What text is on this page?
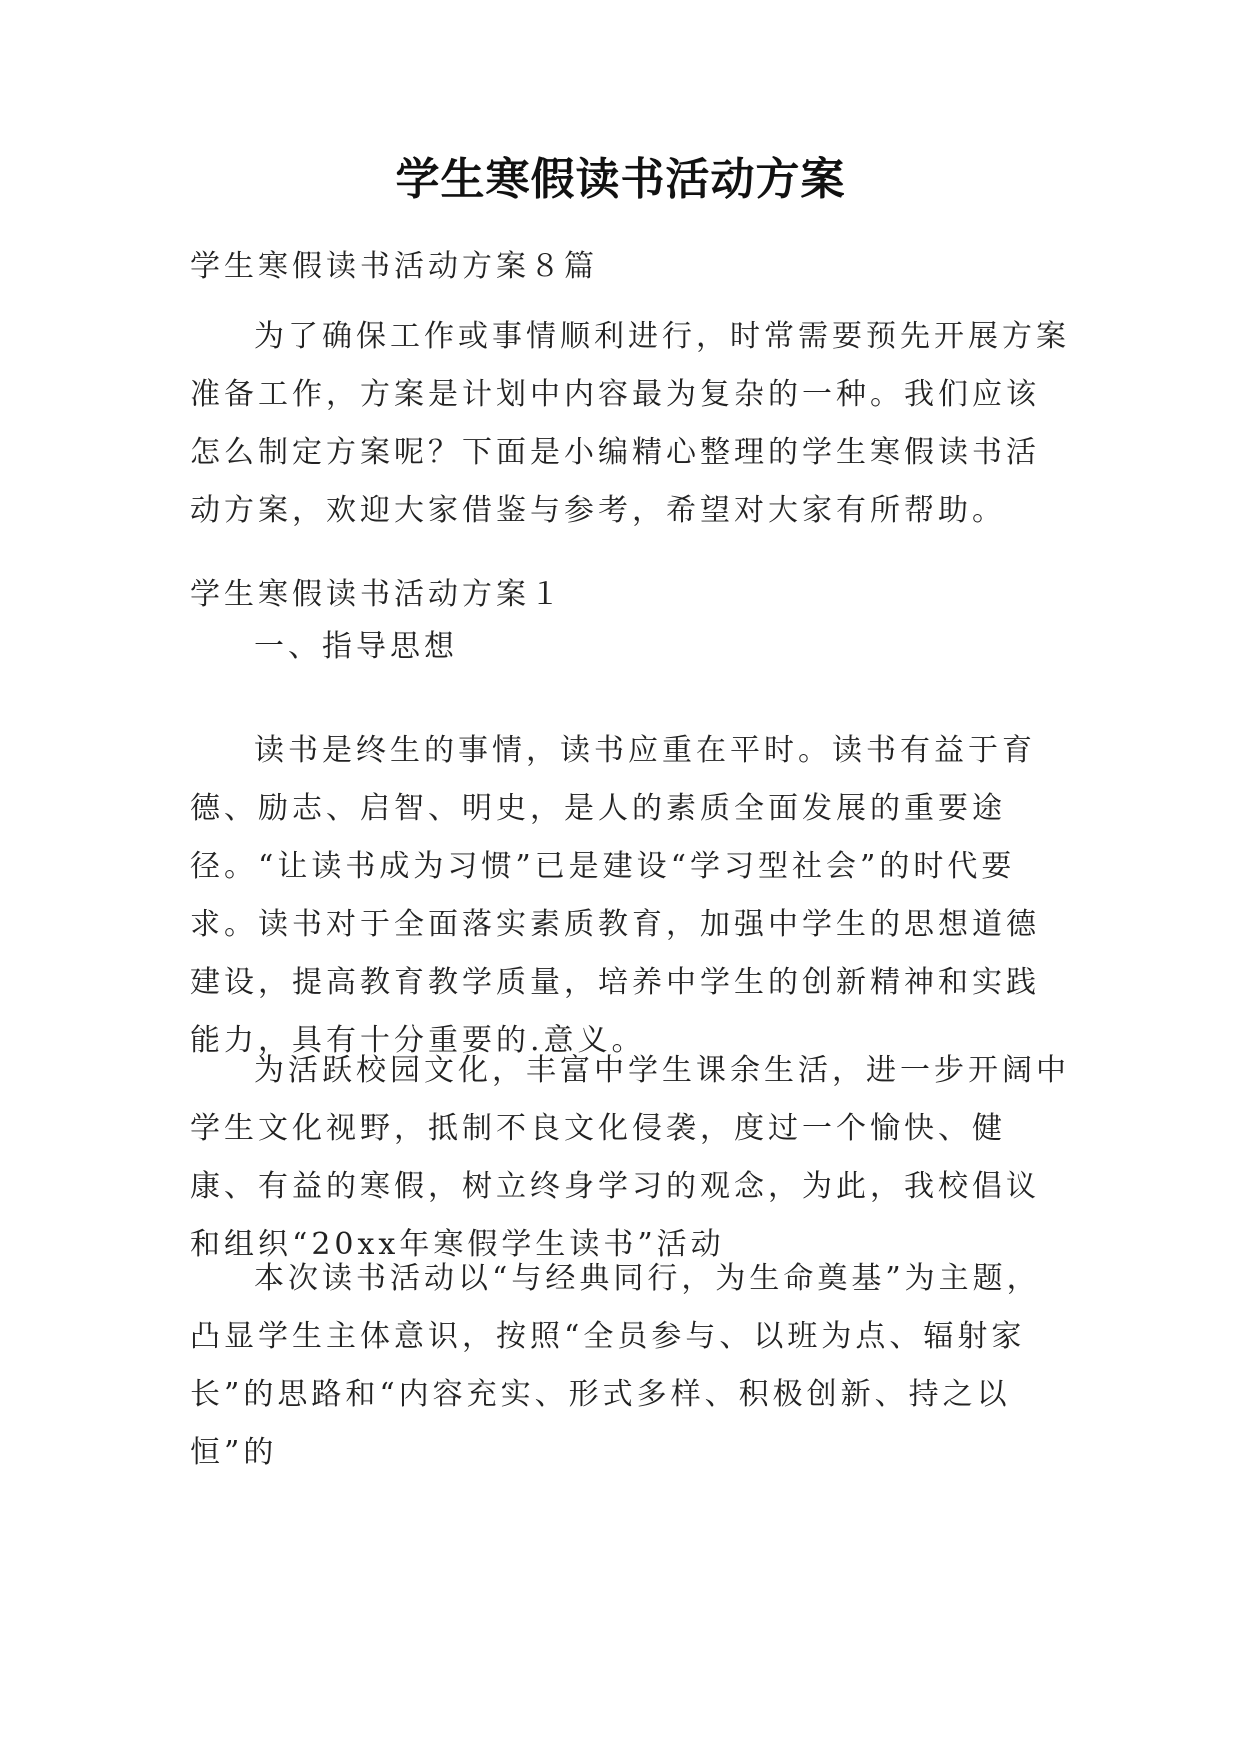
学生寒假读书活动方案

学生寒假读书活动方案８篇

为了确保工作或事情顺利进行，时常需要预先开展方案准备工作，方案是计划中内容最为复杂的一种。我们应该怎么制定方案呢？下面是小编精心整理的学生寒假读书活动方案，欢迎大家借鉴与参考，希望对大家有所帮助。

学生寒假读书活动方案１

一、指导思想

读书是终生的事情，读书应重在平时。读书有益于育德、励志、启智、明史，是人的素质全面发展的重要途径。“让读书成为习惯”已是建设“学习型社会”的时代要求。读书对于全面落实素质教育，加强中学生的思想道德建设，提高教育教学质量，培养中学生的创新精神和实践能力，具有十分重要的.意义。

为活跃校园文化，丰富中学生课余生活，进一步开阔中学生文化视野，抵制不良文化侵袭，度过一个愉快、健康、有益的寒假，树立终身学习的观念，为此，我校倡议和组织“20xx年寒假学生读书”活动

本次读书活动以“与经典同行，为生命奠基”为主题，凸显学生主体意识，按照“全员参与、以班为点、辐射家长”的思路和“内容充实、形式多样、积极创新、持之以恒”的
